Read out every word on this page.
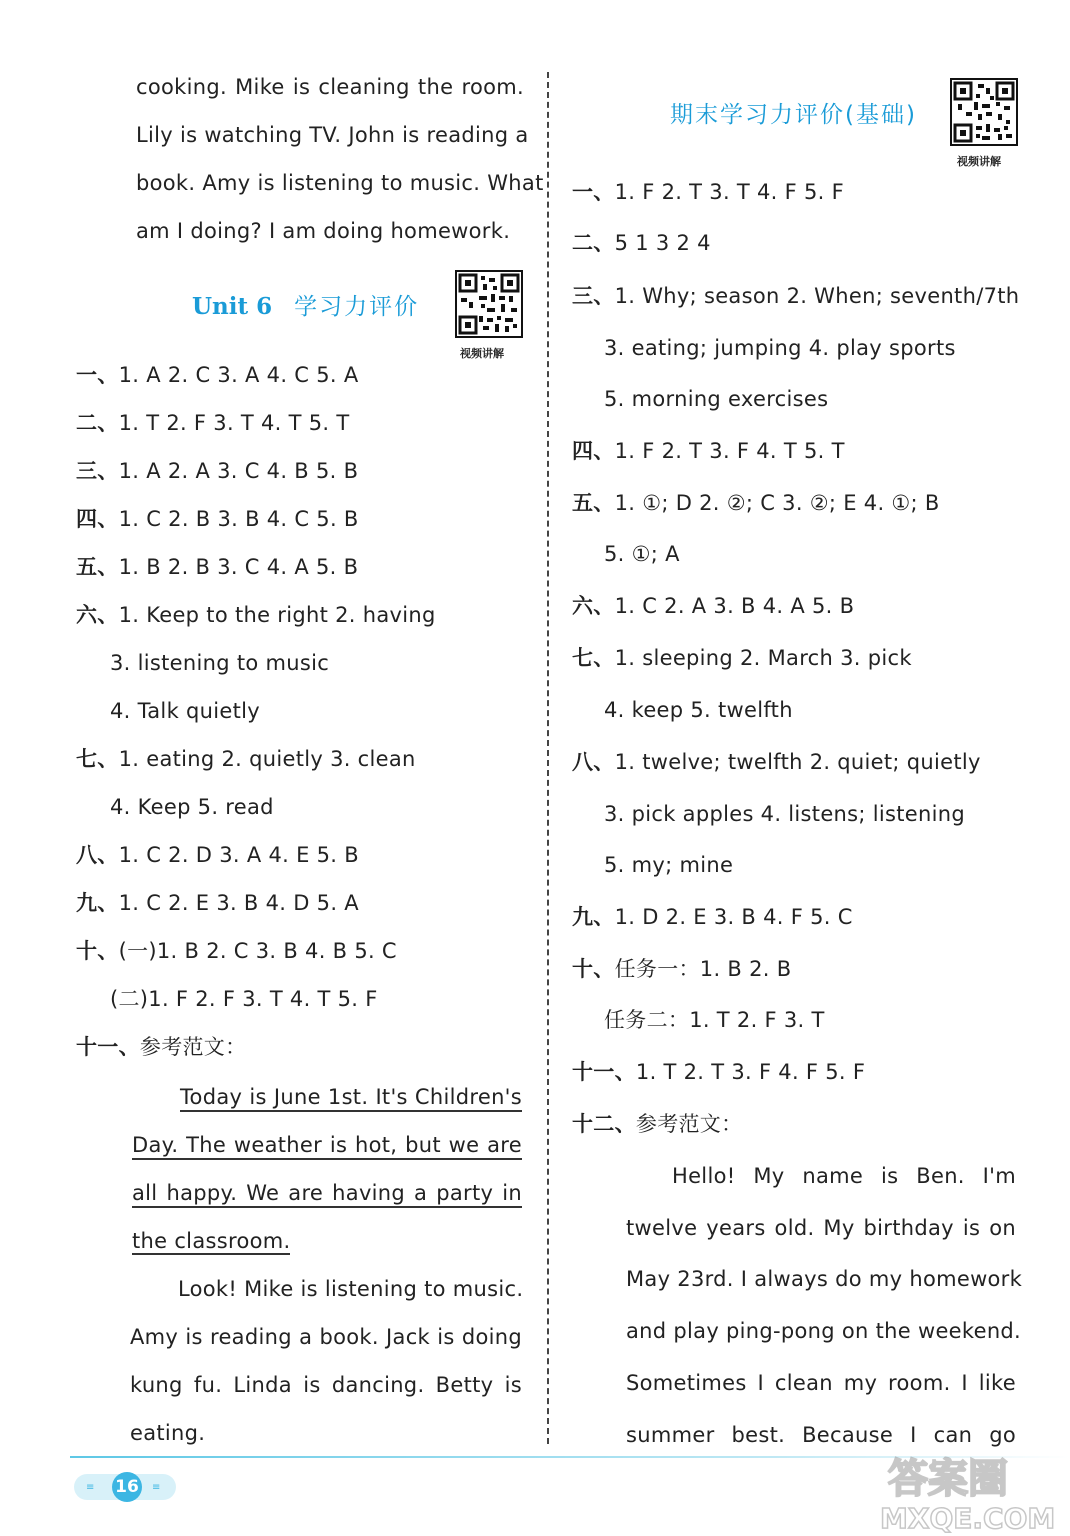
cooking. Mike is cleaning the room.
Lily is watching TV. John is reading a
book. Amy is listening to music. What
am I doing? I am doing homework.
Unit 6 学习力评价
视频讲解
一、1. A 2. C 3. A 4. C 5. A
二、1. T 2. F 3. T 4. T 5. T
三、1. A 2. A 3. C 4. B 5. B
四、1. C 2. B 3. B 4. C 5. B
五、1. B 2. B 3. C 4. A 5. B
六、1. Keep to the right 2. having
3. listening to music
4. Talk quietly
七、1. eating 2. quietly 3. clean
4. Keep 5. read
八、1. C 2. D 3. A 4. E 5. B
九、1. C 2. E 3. B 4. D 5. A
十、(一)1. B 2. C 3. B 4. B 5. C
(二)1. F 2. F 3. T 4. T 5. F
十一、参考范文：
Today is June 1st. It's Children's
Day. The weather is hot, but we are
all happy. We are having a party in
the classroom.
Look! Mike is listening to music.
Amy is reading a book. Jack is doing
kung fu. Linda is dancing. Betty is
eating.
期末学习力评价(基础)
视频讲解
一、1. F 2. T 3. T 4. F 5. F
二、5 1 3 2 4
三、1. Why; season 2. When; seventh/7th
3. eating; jumping 4. play sports
5. morning exercises
四、1. F 2. T 3. F 4. T 5. T
五、1. ①; D 2. ②; C 3. ②; E 4. ①; B
5. ①; A
六、1. C 2. A 3. B 4. A 5. B
七、1. sleeping 2. March 3. pick
4. keep 5. twelfth
八、1. twelve; twelfth 2. quiet; quietly
3. pick apples 4. listens; listening
5. my; mine
九、1. D 2. E 3. B 4. F 5. C
十、任务一：1. B 2. B
任务二：1. T 2. F 3. T
十一、1. T 2. T 3. F 4. F 5. F
十二、参考范文：
Hello! My name is Ben. I'm
twelve years old. My birthday is on
May 23rd. I always do my homework
and play ping-pong on the weekend.
Sometimes I clean my room. I like
summer best. Because I can go
≡	≡
16	答案圈
MXQE.COM
